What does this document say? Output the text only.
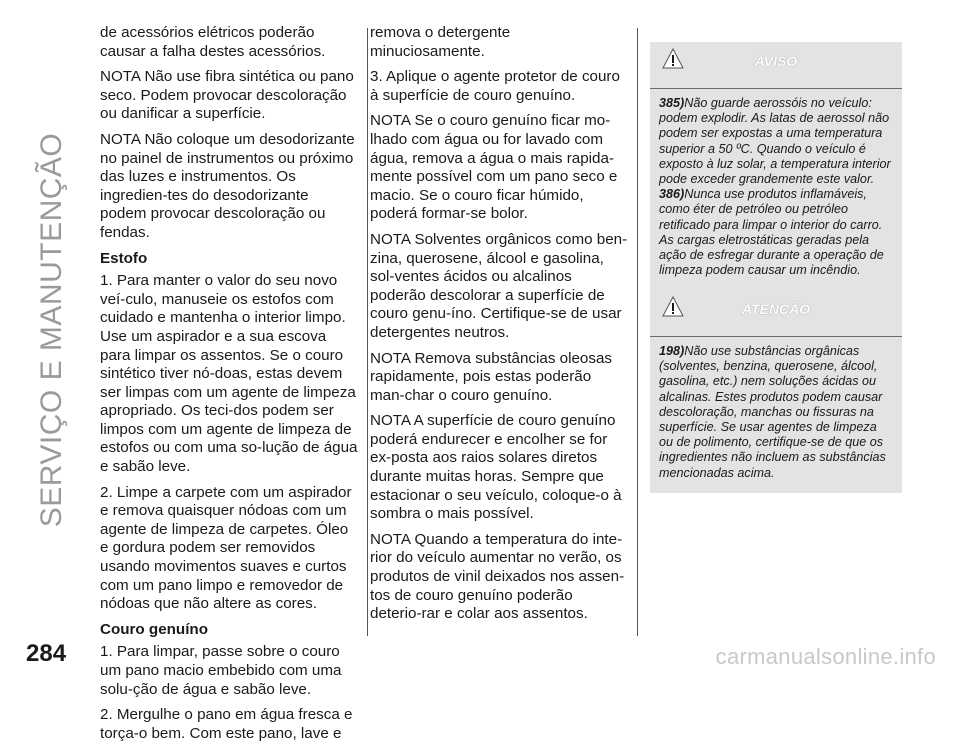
SERVIÇO E MANUTENÇÃO
284

de acessórios elétricos poderão causar a falha destes acessórios.

NOTA Não use fibra sintética ou pano seco. Podem provocar descoloração ou danificar a superfície.

NOTA Não coloque um desodorizante no painel de instrumentos ou próximo das luzes e instrumentos. Os ingredien-tes do desodorizante podem provocar descoloração ou fendas.

Estofo

1. Para manter o valor do seu novo veí-culo, manuseie os estofos com cuidado e mantenha o interior limpo. Use um aspirador e a sua escova para limpar os assentos. Se o couro sintético tiver nó-doas, estas devem ser limpas com um agente de limpeza apropriado. Os teci-dos podem ser limpos com um agente de limpeza de estofos ou com uma so-lução de água e sabão leve.

2. Limpe a carpete com um aspirador e remova quaisquer nódoas com um agente de limpeza de carpetes. Óleo e gordura podem ser removidos usando movimentos suaves e curtos com um pano limpo e removedor de nódoas que não altere as cores.

Couro genuíno

1. Para limpar, passe sobre o couro um pano macio embebido com uma solu-ção de água e sabão leve.

2. Mergulhe o pano em água fresca e torça-o bem. Com este pano, lave e

remova o detergente minuciosamente.

3. Aplique o agente protetor de couro à superfície de couro genuíno.

NOTA Se o couro genuíno ficar mo-lhado com água ou for lavado com água, remova a água o mais rapida-mente possível com um pano seco e macio. Se o couro ficar húmido, poderá formar-se bolor.

NOTA Solventes orgânicos como ben-zina, querosene, álcool e gasolina, sol-ventes ácidos ou alcalinos poderão descolorar a superfície de couro genu-íno. Certifique-se de usar detergentes neutros.

NOTA Remova substâncias oleosas rapidamente, pois estas poderão man-char o couro genuíno.

NOTA A superfície de couro genuíno poderá endurecer e encolher se for ex-posta aos raios solares diretos durante muitas horas. Sempre que estacionar o seu veículo, coloque-o à sombra o mais possível.

NOTA Quando a temperatura do inte-rior do veículo aumentar no verão, os produtos de vinil deixados nos assen-tos de couro genuíno poderão deterio-rar e colar aos assentos.

AVISO

385)Não guarde aerossóis no veículo: podem explodir. As latas de aerossol não podem ser expostas a uma temperatura superior a 50 ºC. Quando o veículo é exposto à luz solar, a temperatura interior pode exceder grandemente este valor.

386)Nunca use produtos inflamáveis, como éter de petróleo ou petróleo retificado para limpar o interior do carro. As cargas eletrostáticas geradas pela ação de esfregar durante a operação de limpeza podem causar um incêndio.

ATENÇÃO

198)Não use substâncias orgânicas (solventes, benzina, querosene, álcool, gasolina, etc.) nem soluções ácidas ou alcalinas. Estes produtos podem causar descoloração, manchas ou fissuras na superfície. Se usar agentes de limpeza ou de polimento, certifique-se de que os ingredientes não incluem as substâncias mencionadas acima.

carmanualsonline.info
